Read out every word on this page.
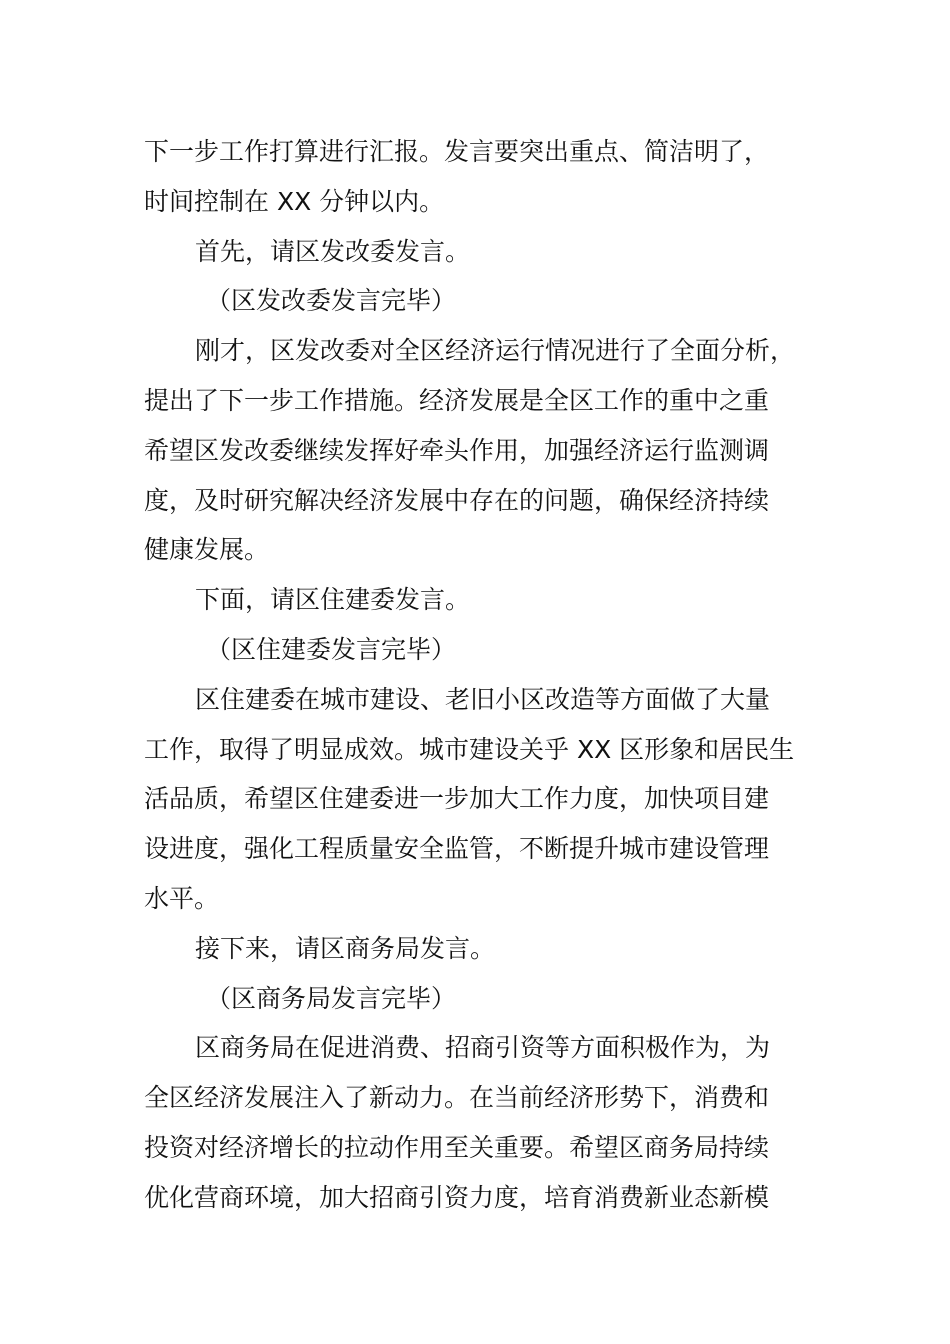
下一步工作打算进行汇报。发言要突出重点、简洁明了，
时间控制在 XX 分钟以内。
首先，请区发改委发言。
（区发改委发言完毕）
刚才，区发改委对全区经济运行情况进行了全面分析，
提出了下一步工作措施。经济发展是全区工作的重中之重
希望区发改委继续发挥好牵头作用，加强经济运行监测调
度，及时研究解决经济发展中存在的问题，确保经济持续
健康发展。
下面，请区住建委发言。
（区住建委发言完毕）
区住建委在城市建设、老旧小区改造等方面做了大量
工作，取得了明显成效。城市建设关乎 XX 区形象和居民生
活品质，希望区住建委进一步加大工作力度，加快项目建
设进度，强化工程质量安全监管，不断提升城市建设管理
水平。
接下来，请区商务局发言。
（区商务局发言完毕）
区商务局在促进消费、招商引资等方面积极作为，为
全区经济发展注入了新动力。在当前经济形势下，消费和
投资对经济增长的拉动作用至关重要。希望区商务局持续
优化营商环境，加大招商引资力度，培育消费新业态新模
